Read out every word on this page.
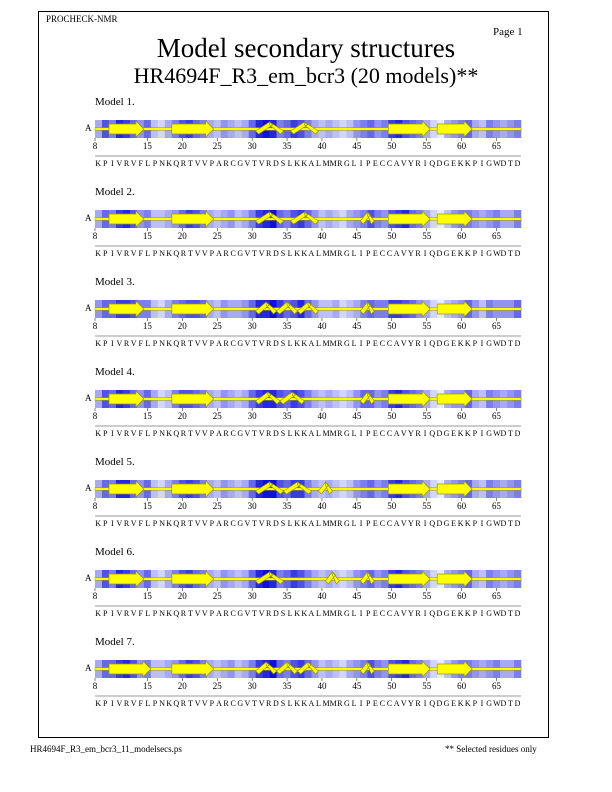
PROCHECK-NMR
Page 1
Model secondary structures
HR4694F_R3_em_bcr3 (20 models)**
Model 1.
A
8	15	20	25	30	35	40	45	50	55	60	65
K P I V R V F L P N K Q R T V V P A R C G V T V R D S L K K A L M M R G L I P E C C A V Y R I Q D G E K K P I G W D T D
Model 2.
A
8	15	20	25	30	35	40	45	50	55	60	65
K P I V R V F L P N K Q R T V V P A R C G V T V R D S L K K A L M M R G L I P E C C A V Y R I Q D G E K K P I G W D T D
Model 3.
A
8	15	20	25	30	35	40	45	50	55	60	65
K P I V R V F L P N K Q R T V V P A R C G V T V R D S L K K A L M M R G L I P E C C A V Y R I Q D G E K K P I G W D T D
Model 4.
A
8	15	20	25	30	35	40	45	50	55	60	65
K P I V R V F L P N K Q R T V V P A R C G V T V R D S L K K A L M M R G L I P E C C A V Y R I Q D G E K K P I G W D T D
Model 5.
A
8	15	20	25	30	35	40	45	50	55	60	65
K P I V R V F L P N K Q R T V V P A R C G V T V R D S L K K A L M M R G L I P E C C A V Y R I Q D G E K K P I G W D T D
Model 6.
A
8	15	20	25	30	35	40	45	50	55	60	65
K P I V R V F L P N K Q R T V V P A R C G V T V R D S L K K A L M M R G L I P E C C A V Y R I Q D G E K K P I G W D T D
Model 7.
A
8	15	20	25	30	35	40	45	50	55	60	65
K P I V R V F L P N K Q R T V V P A R C G V T V R D S L K K A L M M R G L I P E C C A V Y R I Q D G E K K P I G W D T D
HR4694F_R3_em_bcr3_11_modelsecs.ps	** Selected residues only
